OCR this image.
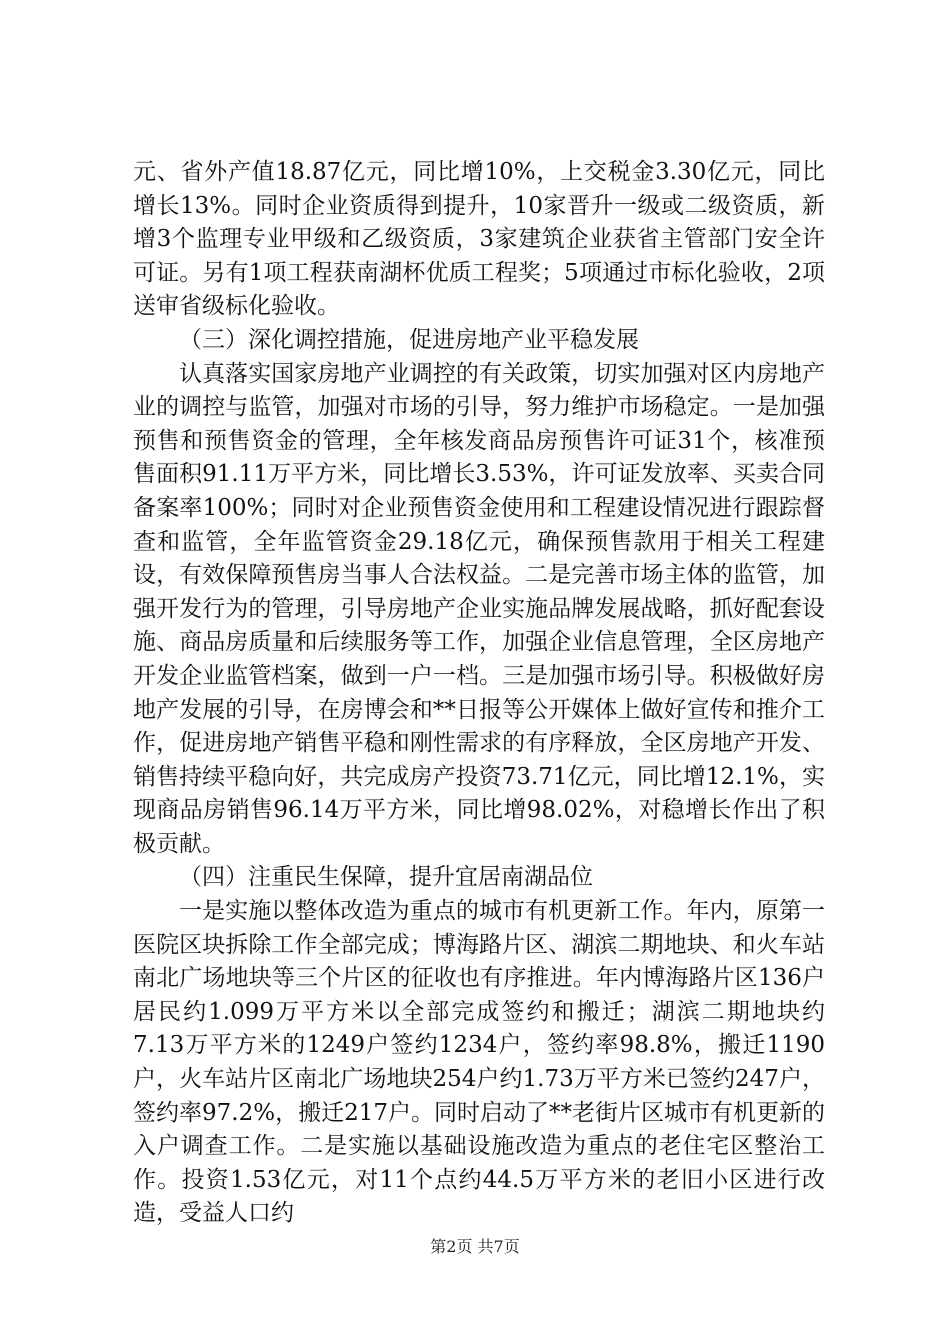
元、省外产值18.87亿元，同比增10%，上交税金3.30亿元，同比增长13%。同时企业资质得到提升，10家晋升一级或二级资质，新增3个监理专业甲级和乙级资质，3家建筑企业获省主管部门安全许可证。另有1项工程获南湖杯优质工程奖；5项通过市标化验收，2项送审省级标化验收。

（三）深化调控措施，促进房地产业平稳发展

认真落实国家房地产业调控的有关政策，切实加强对区内房地产业的调控与监管，加强对市场的引导，努力维护市场稳定。一是加强预售和预售资金的管理，全年核发商品房预售许可证31个，核准预售面积91.11万平方米，同比增长3.53%，许可证发放率、买卖合同备案率100%；同时对企业预售资金使用和工程建设情况进行跟踪督查和监管，全年监管资金29.18亿元，确保预售款用于相关工程建设，有效保障预售房当事人合法权益。二是完善市场主体的监管，加强开发行为的管理，引导房地产企业实施品牌发展战略，抓好配套设施、商品房质量和后续服务等工作，加强企业信息管理，全区房地产开发企业监管档案，做到一户一档。三是加强市场引导。积极做好房地产发展的引导，在房博会和**日报等公开媒体上做好宣传和推介工作，促进房地产销售平稳和刚性需求的有序释放，全区房地产开发、销售持续平稳向好，共完成房产投资73.71亿元，同比增12.1%，实现商品房销售96.14万平方米，同比增98.02%，对稳增长作出了积极贡献。

（四）注重民生保障，提升宜居南湖品位

一是实施以整体改造为重点的城市有机更新工作。年内，原第一医院区块拆除工作全部完成；博海路片区、湖滨二期地块、和火车站南北广场地块等三个片区的征收也有序推进。年内博海路片区136户居民约1.099万平方米以全部完成签约和搬迁；湖滨二期地块约7.13万平方米的1249户签约1234户，签约率98.8%，搬迁1190户，火车站片区南北广场地块254户约1.73万平方米已签约247户，签约率97.2%，搬迁217户。同时启动了**老街片区城市有机更新的入户调查工作。二是实施以基础设施改造为重点的老住宅区整治工作。投资1.53亿元，对11个点约44.5万平方米的老旧小区进行改造，受益人口约

第2页 共7页
